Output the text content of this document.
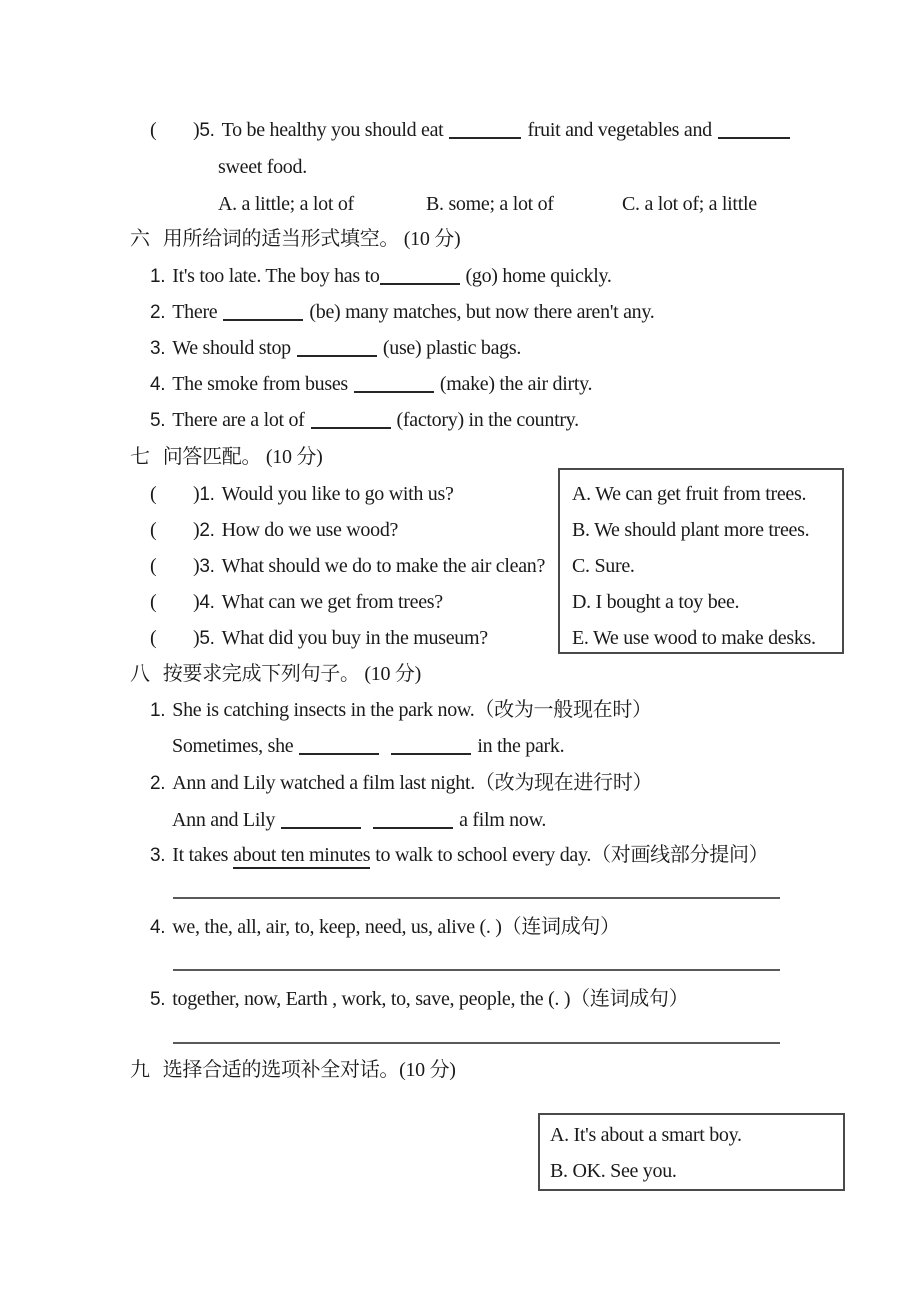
( )5. To be healthy you should eat	fruit and vegetables and
sweet food.
A. a little; a lot of	B. some; a lot of	C. a lot of; a little
六 用所给词的适当形式填空。 (10 分)
1. It's too late. The boy has to	(go) home quickly.
2. There	(be) many matches, but now there aren't any.
3. We should stop	(use) plastic bags.
4. The smoke from buses	(make) the air dirty.
5. There are a lot of	(factory) in the country.
七 问答匹配。 (10 分)
( )1. Would you like to go with us?
( )2. How do we use wood?
( )3. What should we do to make the air clean?
( )4. What can we get from trees?
( )5. What did you buy in the museum?
A. We can get fruit from trees.
B. We should plant more trees.
C. Sure.
D. I bought a toy bee.
E. We use wood to make desks.
八 按要求完成下列句子。 (10 分)
1. She is catching insects in the park now.（改为一般现在时）
Sometimes, she	in the park.
2. Ann and Lily watched a film last night.（改为现在进行时）
Ann and Lily	a film now.
3. It takes about ten minutes to walk to school every day.（对画线部分提问）
4. we, the, all, air, to, keep, need, us, alive (. )（连词成句）
5. together, now, Earth , work, to, save, people, the (. )（连词成句）
九 选择合适的选项补全对话。(10 分)
A. It's about a smart boy.
B. OK. See you.
